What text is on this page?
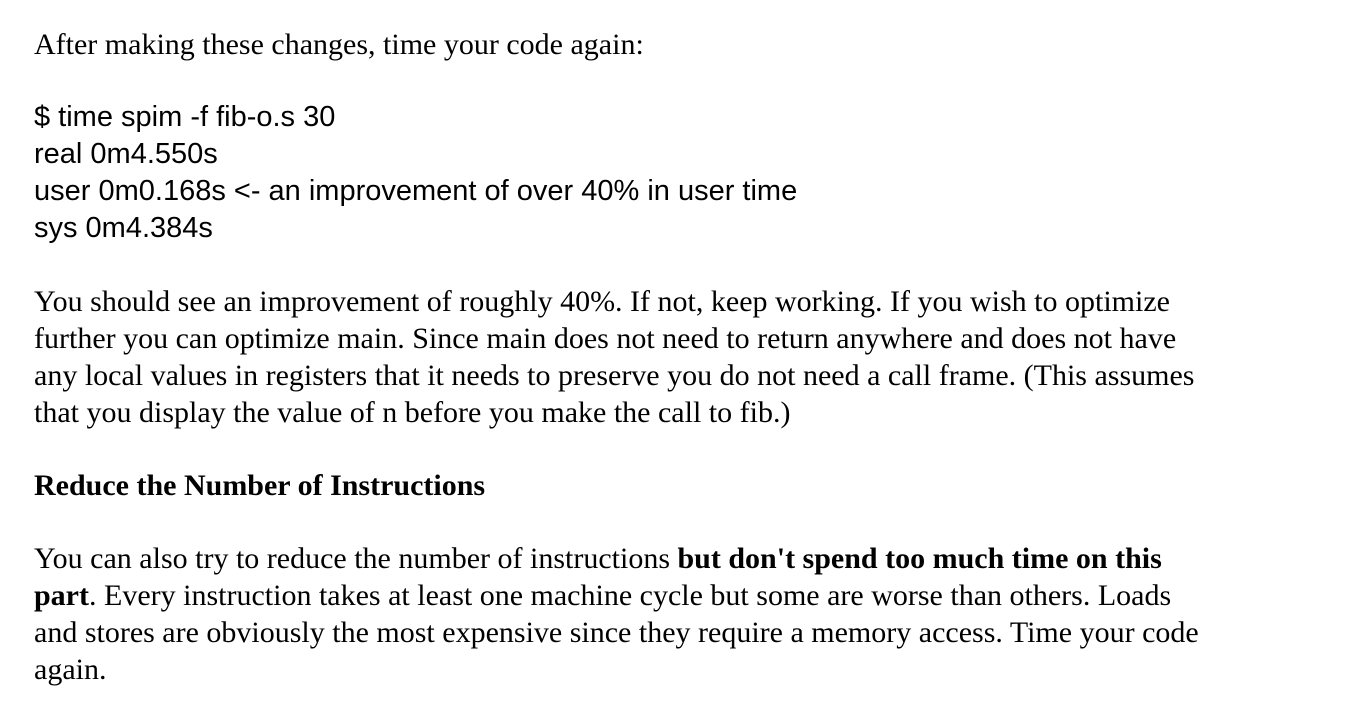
After making these changes, time your code again:

$ time spim -f fib-o.s 30
real 0m4.550s
user 0m0.168s <- an improvement of over 40% in user time
sys 0m4.384s

You should see an improvement of roughly 40%. If not, keep working. If you wish to optimize
further you can optimize main. Since main does not need to return anywhere and does not have
any local values in registers that it needs to preserve you do not need a call frame. (This assumes
that you display the value of n before you make the call to fib.)

Reduce the Number of Instructions

You can also try to reduce the number of instructions but don't spend too much time on this
part. Every instruction takes at least one machine cycle but some are worse than others. Loads
and stores are obviously the most expensive since they require a memory access. Time your code
again.
